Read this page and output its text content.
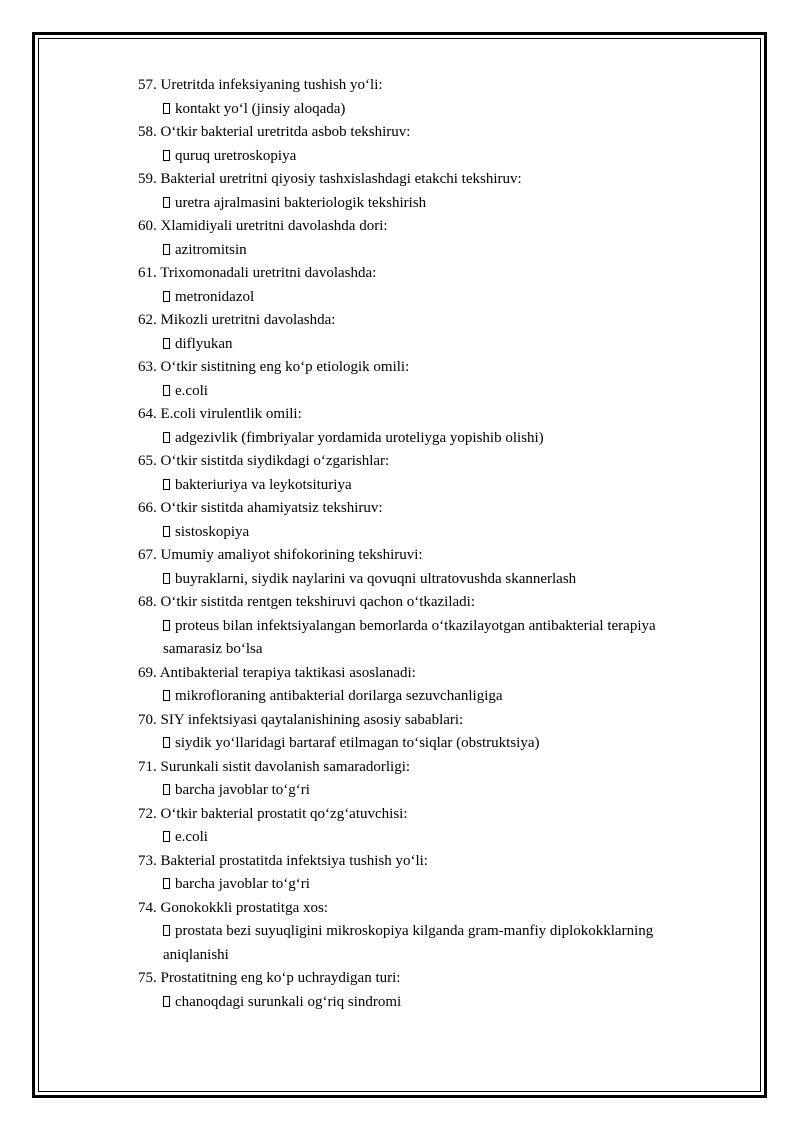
57. Uretritda infeksiyaning tushish yo‘li:

kontakt yo‘l (jinsiy aloqada)

58. O‘tkir bakterial uretritda asbob tekshiruv:

quruq uretroskopiya

59. Bakterial uretritni qiyosiy tashxislashdagi etakchi tekshiruv:

uretra ajralmasini bakteriologik tekshirish

60. Xlamidiyali uretritni davolashda dori:

azitromitsin

61. Trixomonadali uretritni davolashda:

metronidazol

62. Mikozli uretritni davolashda:

diflyukan

63. O‘tkir sistitning eng ko‘p etiologik omili:

e.coli

64. E.coli virulentlik omili:

adgezivlik (fimbriyalar yordamida uroteliyga yopishib olishi)

65. O‘tkir sistitda siydikdagi o‘zgarishlar:

bakteriuriya va leykotsituriya

66. O‘tkir sistitda ahamiyatsiz tekshiruv:

sistoskopiya

67. Umumiy amaliyot shifokorining tekshiruvi:

buyraklarni, siydik naylarini va qovuqni ultratovushda skannerlash

68. O‘tkir sistitda rentgen tekshiruvi qachon o‘tkaziladi:

proteus bilan infektsiyalangan bemorlarda o‘tkazilayotgan antibakterial terapiya samarasiz bo‘lsa

69. Antibakterial terapiya taktikasi asoslanadi:

mikrofloraning antibakterial dorilarga sezuvchanligiga

70. SIY infektsiyasi qaytalanishining asosiy sabablari:

siydik yo‘llaridagi bartaraf etilmagan to‘siqlar (obstruktsiya)

71. Surunkali sistit davolanish samaradorligi:

barcha javoblar to‘g‘ri

72. O‘tkir bakterial prostatit qo‘zg‘atuvchisi:

e.coli

73. Bakterial prostatitda infektsiya tushish yo‘li:

barcha javoblar to‘g‘ri

74. Gonokokkli prostatitga xos:

prostata bezi suyuqligini mikroskopiya kilganda gram-manfiy diplokokklarning aniqlanishi

75. Prostatitning eng ko‘p uchraydigan turi:

chanoqdagi surunkali og‘riq sindromi
